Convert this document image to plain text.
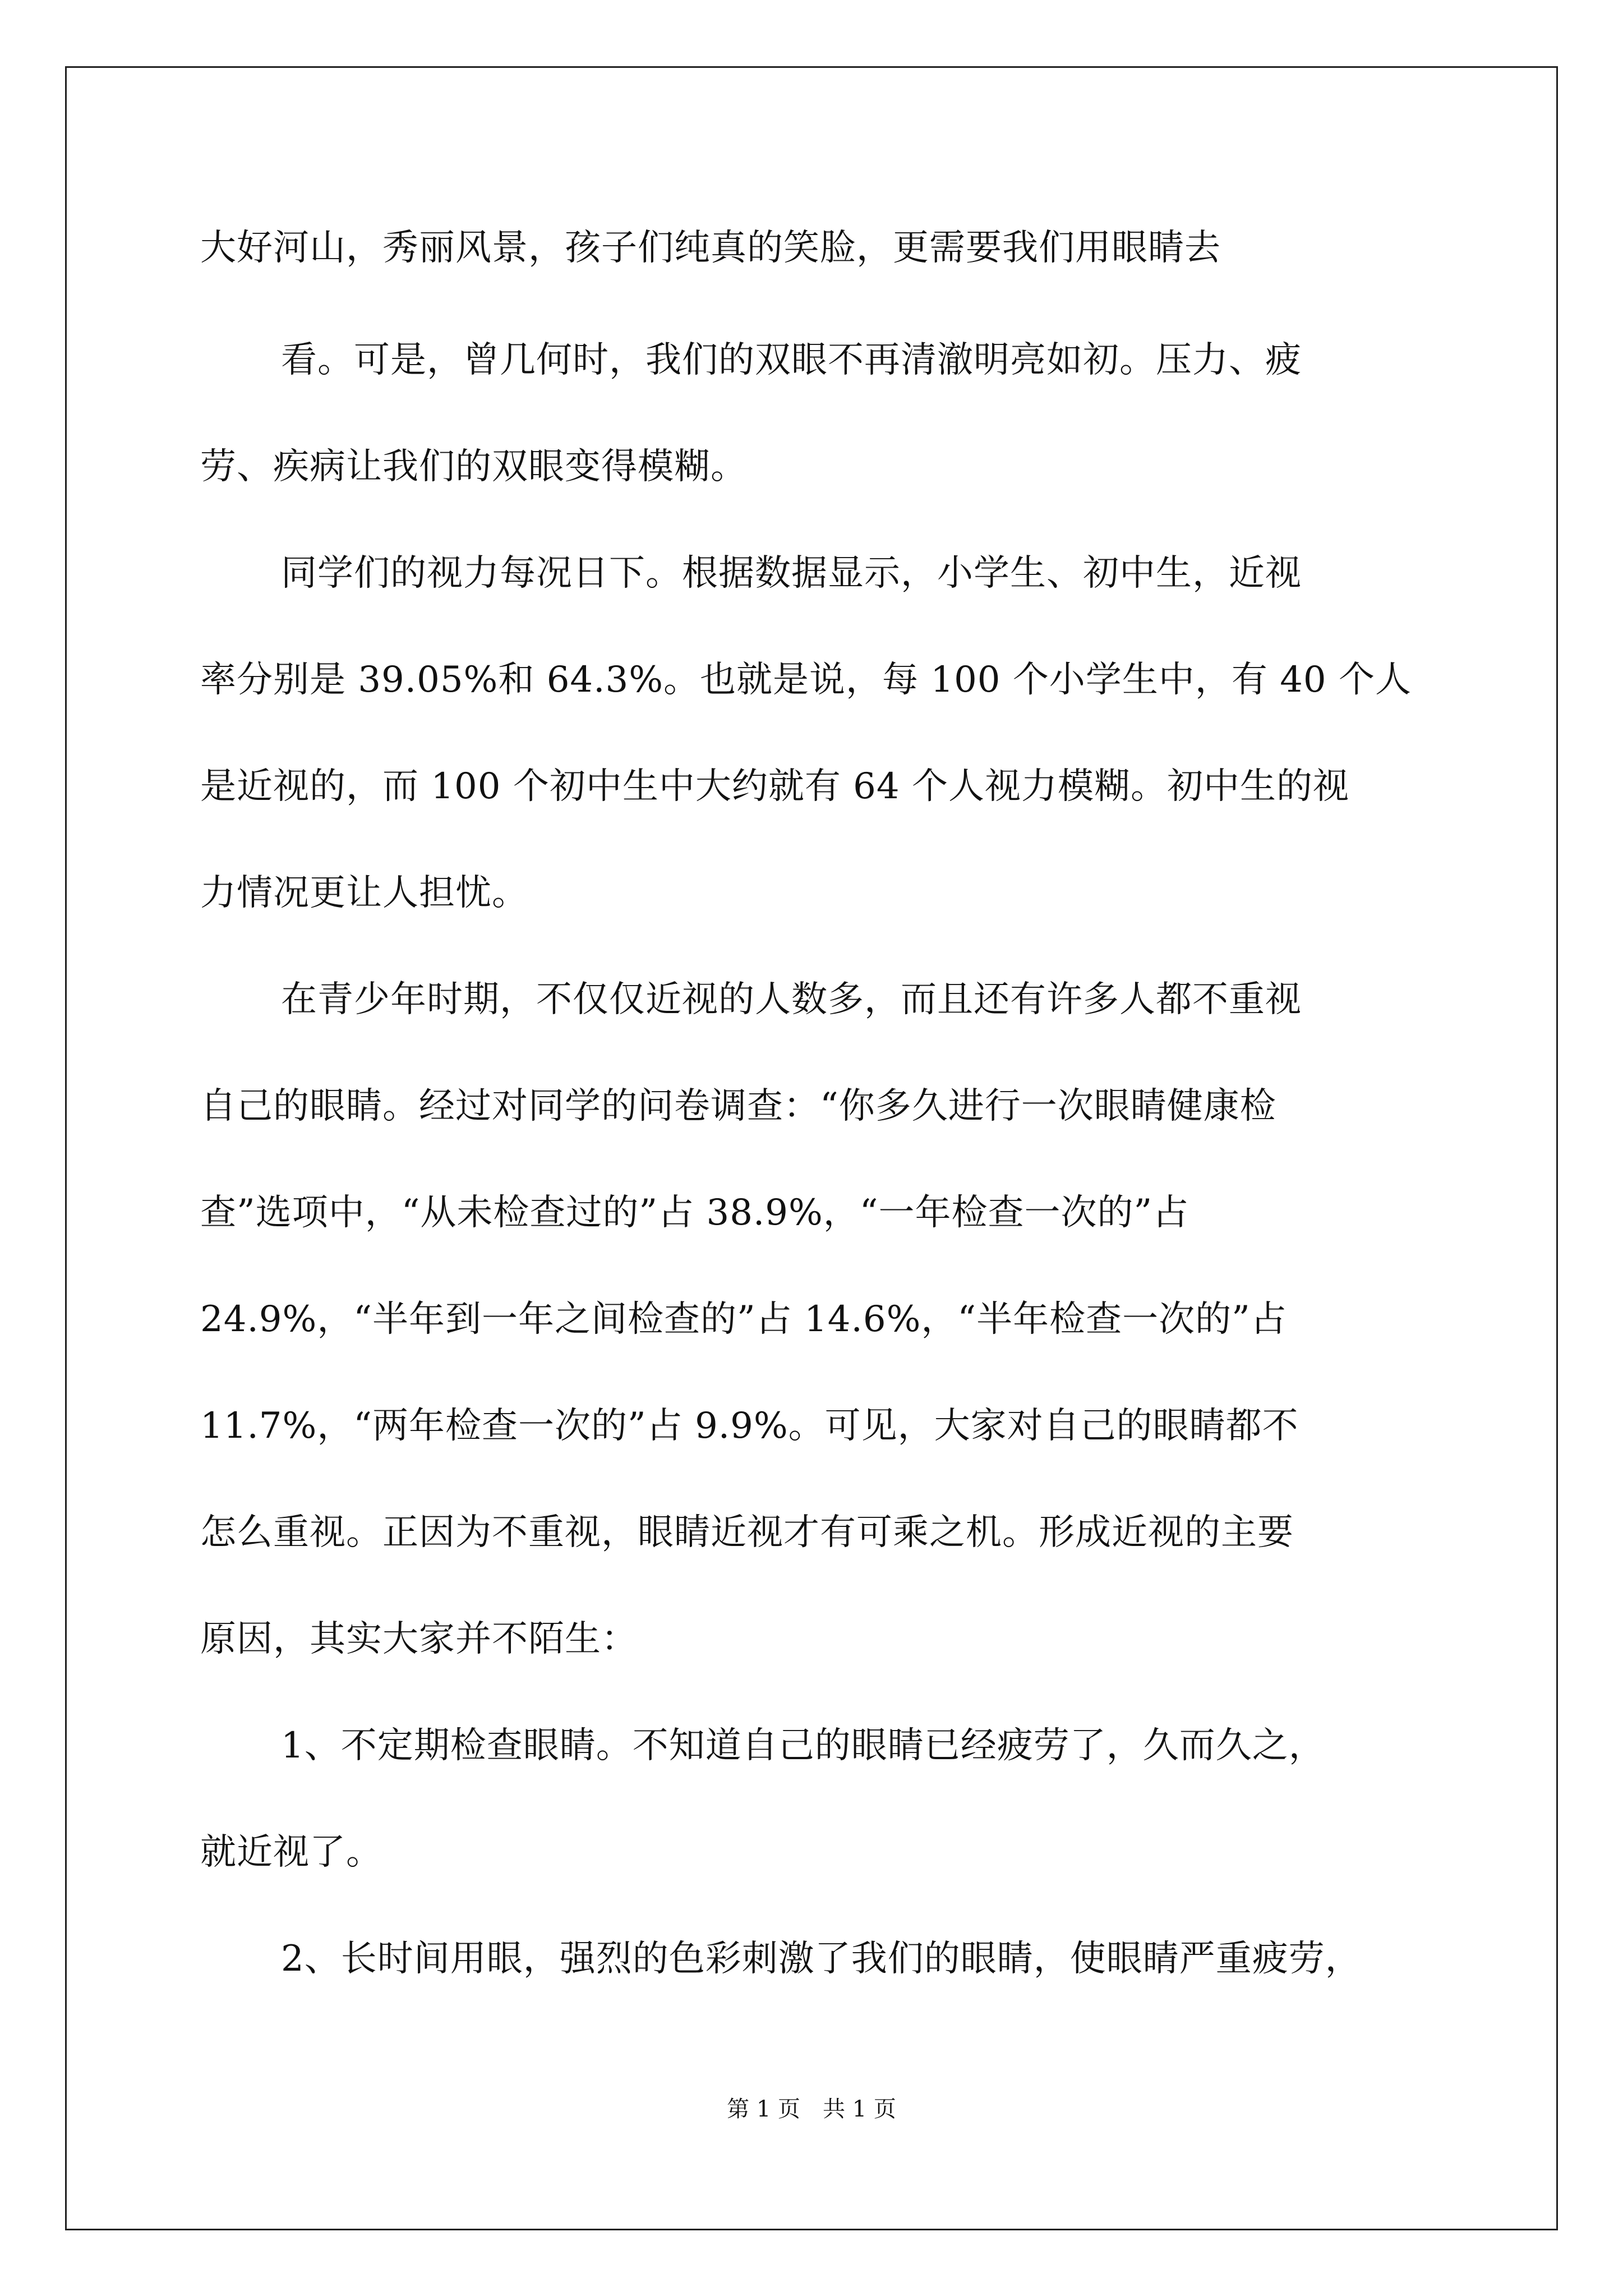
大好河山，秀丽风景，孩子们纯真的笑脸，更需要我们用眼睛去
看。可是，曾几何时，我们的双眼不再清澈明亮如初。压力、疲
劳、疾病让我们的双眼变得模糊。
同学们的视力每况日下。根据数据显示，小学生、初中生，近视
率分别是 39.05%和 64.3%。也就是说，每 100 个小学生中，有 40 个人
是近视的，而 100 个初中生中大约就有 64 个人视力模糊。初中生的视
力情况更让人担忧。
在青少年时期，不仅仅近视的人数多，而且还有许多人都不重视
自己的眼睛。经过对同学的问卷调查：“你多久进行一次眼睛健康检
查”选项中，“从未检查过的”占 38.9%，“一年检查一次的”占
24.9%，“半年到一年之间检查的”占 14.6%，“半年检查一次的”占
11.7%，“两年检查一次的”占 9.9%。可见，大家对自己的眼睛都不
怎么重视。正因为不重视，眼睛近视才有可乘之机。形成近视的主要
原因，其实大家并不陌生：
1、不定期检查眼睛。不知道自己的眼睛已经疲劳了，久而久之，
就近视了。
2、长时间用眼，强烈的色彩刺激了我们的眼睛，使眼睛严重疲劳，
第 1 页　共 1 页
